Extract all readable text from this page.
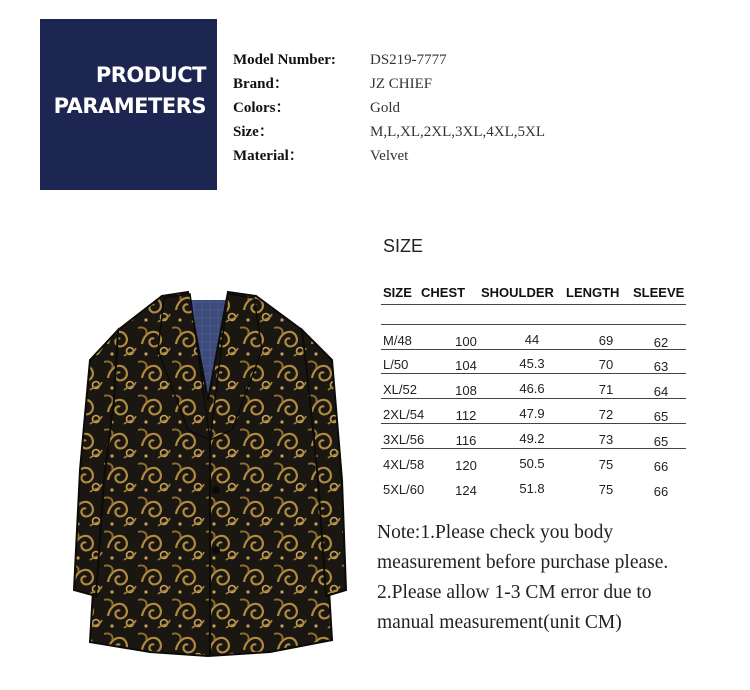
PRODUCT
PARAMETERS
Model Number: DS219-7777
Brand：	JZ CHIEF
Colors：	Gold
Size：	M,L,XL,2XL,3XL,4XL,5XL
Material：	Velvet
SIZE
SIZE CHEST SHOULDER LENGTH SLEEVE
M/48	100	44	69	62
L/50	104	45.3	70	63
XL/52	108	46.6	71	64
2XL/54 112	47.9	72	65
3XL/56 116	49.2	73	65
4XL/58 120	50.5	75	66
5XL/60 124	51.8	75	66
Note:1.Please check you body
measurement before purchase please.
2.Please allow 1-3 CM error due to
manual measurement(unit CM)
